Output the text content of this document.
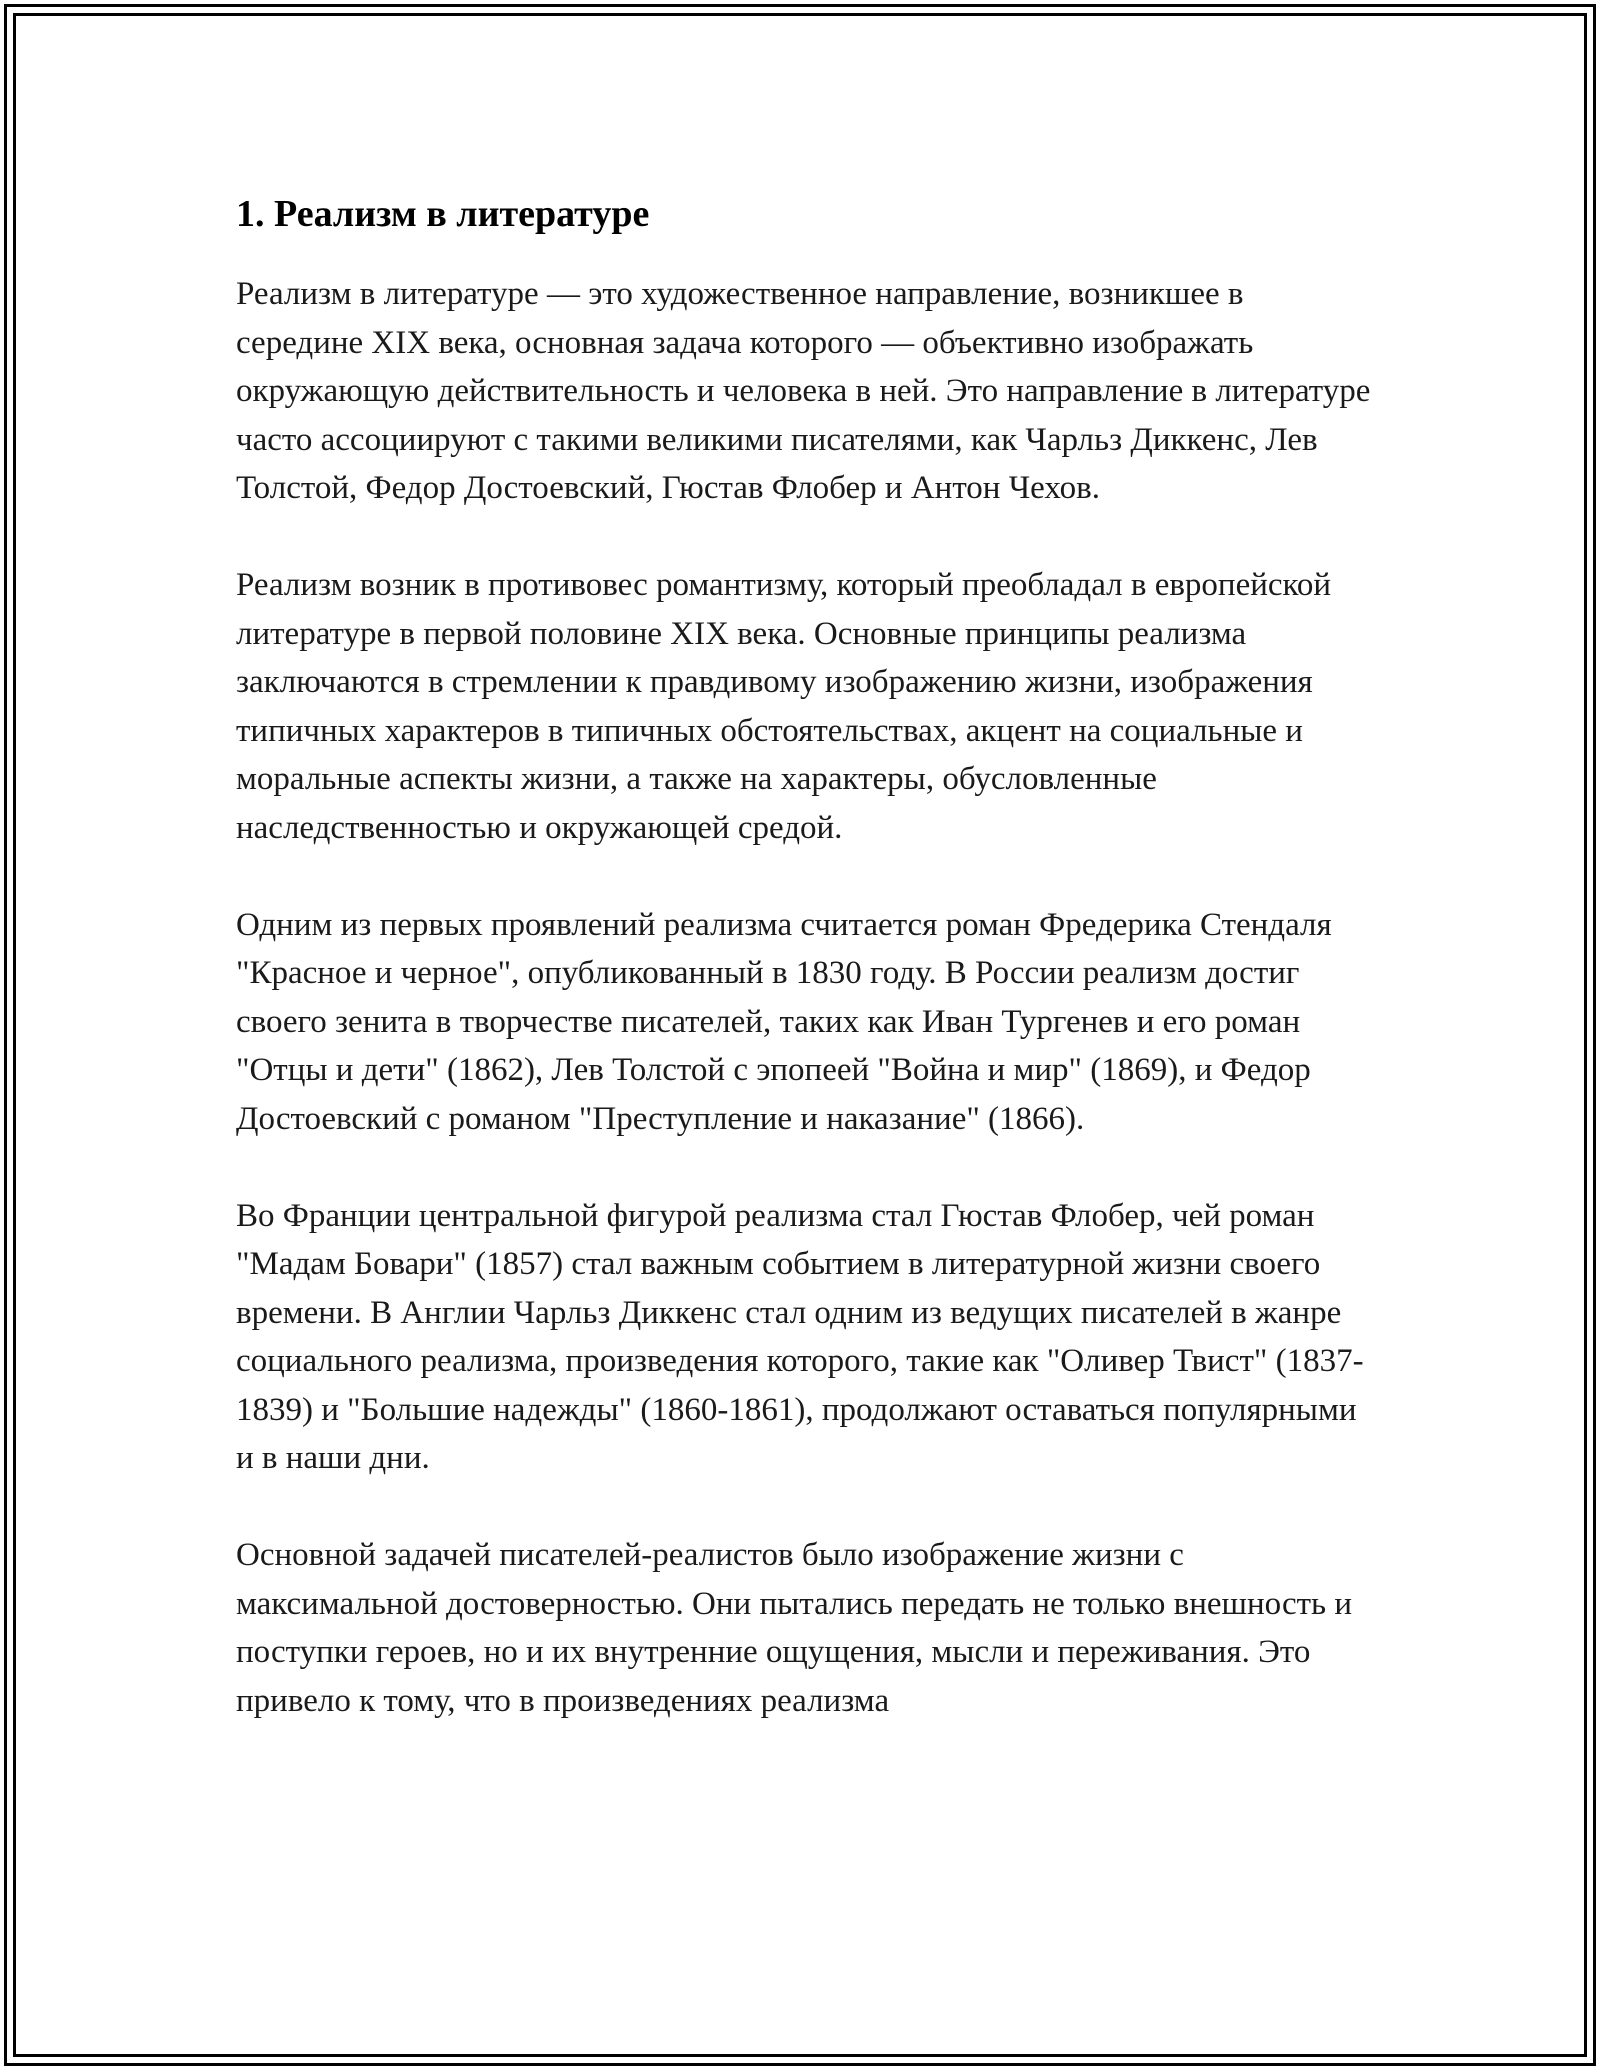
1. Реализм в литературе

Реализм в литературе — это художественное направление, возникшее в середине XIX века, основная задача которого — объективно изображать окружающую действительность и человека в ней. Это направление в литературе часто ассоциируют с такими великими писателями, как Чарльз Диккенс, Лев Толстой, Федор Достоевский, Гюстав Флобер и Антон Чехов.

Реализм возник в противовес романтизму, который преобладал в европейской литературе в первой половине XIX века. Основные принципы реализма заключаются в стремлении к правдивому изображению жизни, изображения типичных характеров в типичных обстоятельствах, акцент на социальные и моральные аспекты жизни, а также на характеры, обусловленные наследственностью и окружающей средой.

Одним из первых проявлений реализма считается роман Фредерика Стендаля "Красное и черное", опубликованный в 1830 году. В России реализм достиг своего зенита в творчестве писателей, таких как Иван Тургенев и его роман "Отцы и дети" (1862), Лев Толстой с эпопеей "Война и мир" (1869), и Федор Достоевский с романом "Преступление и наказание" (1866).

Во Франции центральной фигурой реализма стал Гюстав Флобер, чей роман "Мадам Бовари" (1857) стал важным событием в литературной жизни своего времени. В Англии Чарльз Диккенс стал одним из ведущих писателей в жанре социального реализма, произведения которого, такие как "Оливер Твист" (1837-1839) и "Большие надежды" (1860-1861), продолжают оставаться популярными и в наши дни.

Основной задачей писателей-реалистов было изображение жизни с максимальной достоверностью. Они пытались передать не только внешность и поступки героев, но и их внутренние ощущения, мысли и переживания. Это привело к тому, что в произведениях реализма
